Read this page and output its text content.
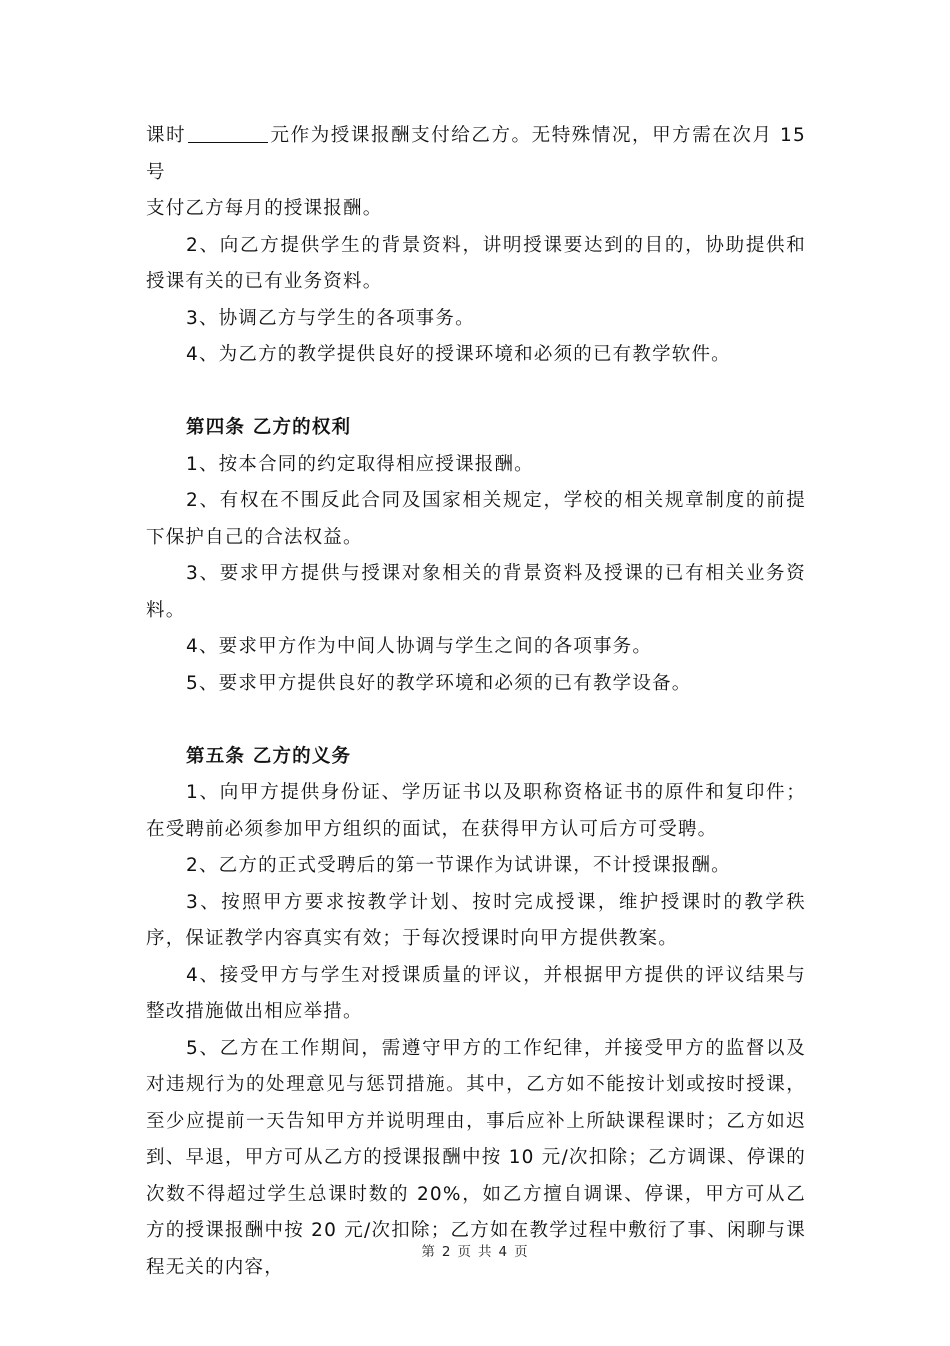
课时	元作为授课报酬支付给乙方。无特殊情况，甲方需在次月 15 号

支付乙方每月的授课报酬。

2、向乙方提供学生的背景资料，讲明授课要达到的目的，协助提供和授课有关的已有业务资料。

3、协调乙方与学生的各项事务。

4、为乙方的教学提供良好的授课环境和必须的已有教学软件。

第四条 乙方的权利

1、按本合同的约定取得相应授课报酬。

2、有权在不围反此合同及国家相关规定，学校的相关规章制度的前提下保护自己的合法权益。

3、要求甲方提供与授课对象相关的背景资料及授课的已有相关业务资料。

4、要求甲方作为中间人协调与学生之间的各项事务。

5、要求甲方提供良好的教学环境和必须的已有教学设备。

第五条 乙方的义务

1、向甲方提供身份证、学历证书以及职称资格证书的原件和复印件；在受聘前必须参加甲方组织的面试，在获得甲方认可后方可受聘。

2、乙方的正式受聘后的第一节课作为试讲课，不计授课报酬。

3、按照甲方要求按教学计划、按时完成授课，维护授课时的教学秩序，保证教学内容真实有效；于每次授课时向甲方提供教案。

4、接受甲方与学生对授课质量的评议，并根据甲方提供的评议结果与整改措施做出相应举措。

5、乙方在工作期间，需遵守甲方的工作纪律，并接受甲方的监督以及对违规行为的处理意见与惩罚措施。其中，乙方如不能按计划或按时授课，至少应提前一天告知甲方并说明理由，事后应补上所缺课程课时；乙方如迟到、早退，甲方可从乙方的授课报酬中按 10 元/次扣除；乙方调课、停课的次数不得超过学生总课时数的 20%，如乙方擅自调课、停课，甲方可从乙方的授课报酬中按 20 元/次扣除；乙方如在教学过程中敷衍了事、闲聊与课程无关的内容，

第 2 页 共 4 页
